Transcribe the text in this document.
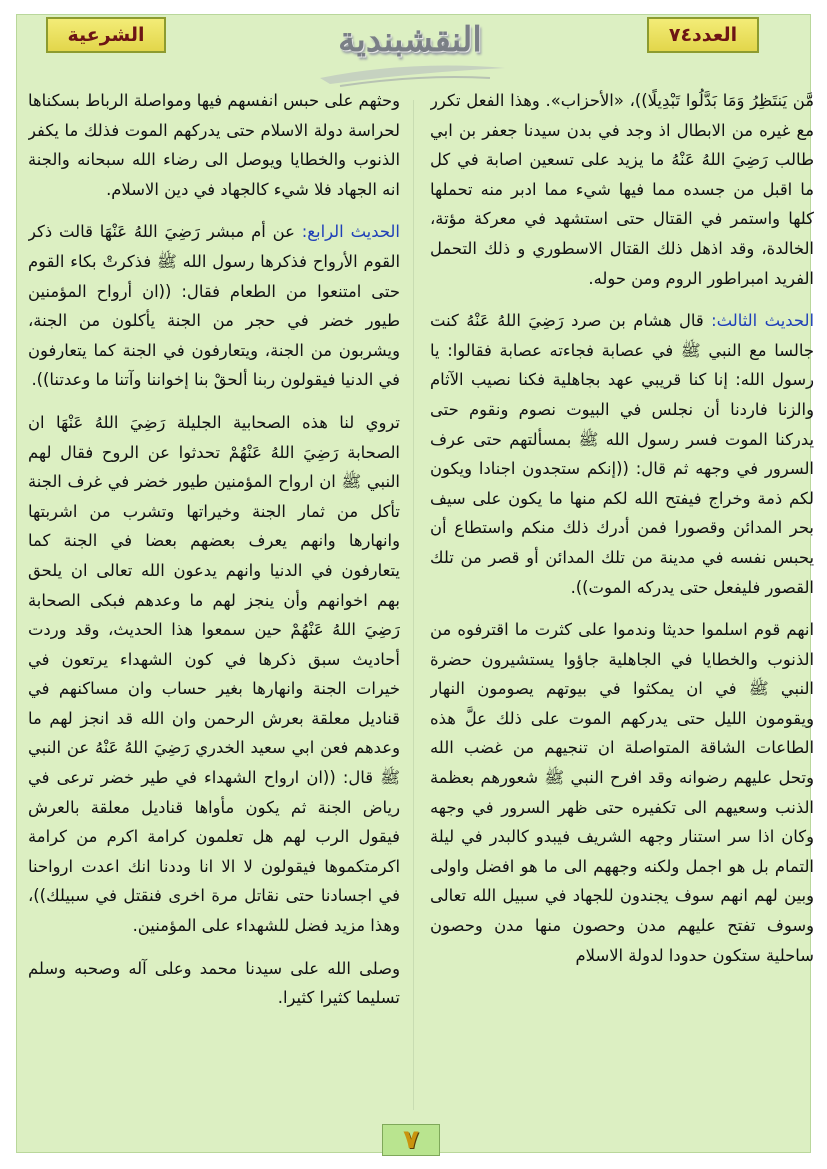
الشرعية	العدد٧٤
النقشبندية

مَّن يَنتَظِرُ وَمَا بَدَّلُوا تَبْدِيلًا))، «الأحزاب». وهذا الفعل تكرر مع غيره من الابطال اذ وجد في بدن سيدنا جعفر بن ابي طالب رَضِيَ اللهُ عَنْهُ ما يزيد على تسعين اصابة في كل ما اقبل من جسده مما فيها شيء مما ادبر منه تحملها كلها واستمر في القتال حتى استشهد في معركة مؤتة، الخالدة، وقد اذهل ذلك القتال الاسطوري و ذلك التحمل الفريد امبراطور الروم ومن حوله.

الحديث الثالث: قال هشام بن صرد رَضِيَ اللهُ عَنْهُ كنت جالسا مع النبي ﷺ في عصابة فجاءته عصابة فقالوا: يا رسول الله: إنا كنا قريبي عهد بجاهلية فكنا نصيب الآثام والزنا فاردنا أن نجلس في البيوت نصوم ونقوم حتى يدركنا الموت فسر رسول الله ﷺ بمسألتهم حتى عرف السرور في وجهه ثم قال: ((إنكم ستجدون اجنادا ويكون لكم ذمة وخراج فيفتح الله لكم منها ما يكون على سيف بحر المدائن وقصورا فمن أدرك ذلك منكم واستطاع أن يحبس نفسه في مدينة من تلك المدائن أو قصر من تلك القصور فليفعل حتى يدركه الموت)).

انهم قوم اسلموا حديثا وندموا على كثرت ما اقترفوه من الذنوب والخطايا في الجاهلية جاؤوا يستشيرون حضرة النبي ﷺ في ان يمكثوا في بيوتهم يصومون النهار ويقومون الليل حتى يدركهم الموت على ذلك علَّ هذه الطاعات الشاقة المتواصلة ان تنجيهم من غضب الله وتحل عليهم رضوانه وقد افرح النبي ﷺ شعورهم بعظمة الذنب وسعيهم الى تكفيره حتى ظهر السرور في وجهه وكان اذا سر استنار وجهه الشريف فيبدو كالبدر في ليلة التمام بل هو اجمل ولكنه وجههم الى ما هو افضل واولى وبين لهم انهم سوف يجندون للجهاد في سبيل الله تعالى وسوف تفتح عليهم مدن وحصون منها مدن وحصون ساحلية ستكون حدودا لدولة الاسلام

وحثهم على حبس انفسهم فيها ومواصلة الرباط بسكناها لحراسة دولة الاسلام حتى يدركهم الموت فذلك ما يكفر الذنوب والخطايا ويوصل الى رضاء الله سبحانه والجنة انه الجهاد فلا شيء كالجهاد في دين الاسلام.

الحديث الرابع: عن أم مبشر رَضِيَ اللهُ عَنْهَا قالت ذكر القوم الأرواح فذكرها رسول الله ﷺ فذكرتْ بكاء القوم حتى امتنعوا من الطعام فقال: ((ان أرواح المؤمنين طيور خضر في حجر من الجنة يأكلون من الجنة، ويشربون من الجنة، ويتعارفون في الجنة كما يتعارفون في الدنيا فيقولون ربنا ألحقْ بنا إخواننا وآتنا ما وعدتنا)).

تروي لنا هذه الصحابية الجليلة رَضِيَ اللهُ عَنْهَا ان الصحابة رَضِيَ اللهُ عَنْهُمْ تحدثوا عن الروح فقال لهم النبي ﷺ ان ارواح المؤمنين طيور خضر في غرف الجنة تأكل من ثمار الجنة وخيراتها وتشرب من اشربتها وانهارها وانهم يعرف بعضهم بعضا في الجنة كما يتعارفون في الدنيا وانهم يدعون الله تعالى ان يلحق بهم اخوانهم وأن ينجز لهم ما وعدهم فبكى الصحابة رَضِيَ اللهُ عَنْهُمْ حين سمعوا هذا الحديث، وقد وردت أحاديث سبق ذكرها في كون الشهداء يرتعون في خيرات الجنة وانهارها بغير حساب وان مساكنهم في قناديل معلقة بعرش الرحمن وان الله قد انجز لهم ما وعدهم فعن ابي سعيد الخدري رَضِيَ اللهُ عَنْهُ عن النبي ﷺ قال: ((ان ارواح الشهداء في طير خضر ترعى في رياض الجنة ثم يكون مأواها قناديل معلقة بالعرش فيقول الرب لهم هل تعلمون كرامة اكرم من كرامة اكرمتكموها فيقولون لا الا انا وددنا انك اعدت ارواحنا في اجسادنا حتى نقاتل مرة اخرى فنقتل في سبيلك))، وهذا مزيد فضل للشهداء على المؤمنين.

وصلى الله على سيدنا محمد وعلى آله وصحبه وسلم تسليما كثيرا كثيرا.

٧
